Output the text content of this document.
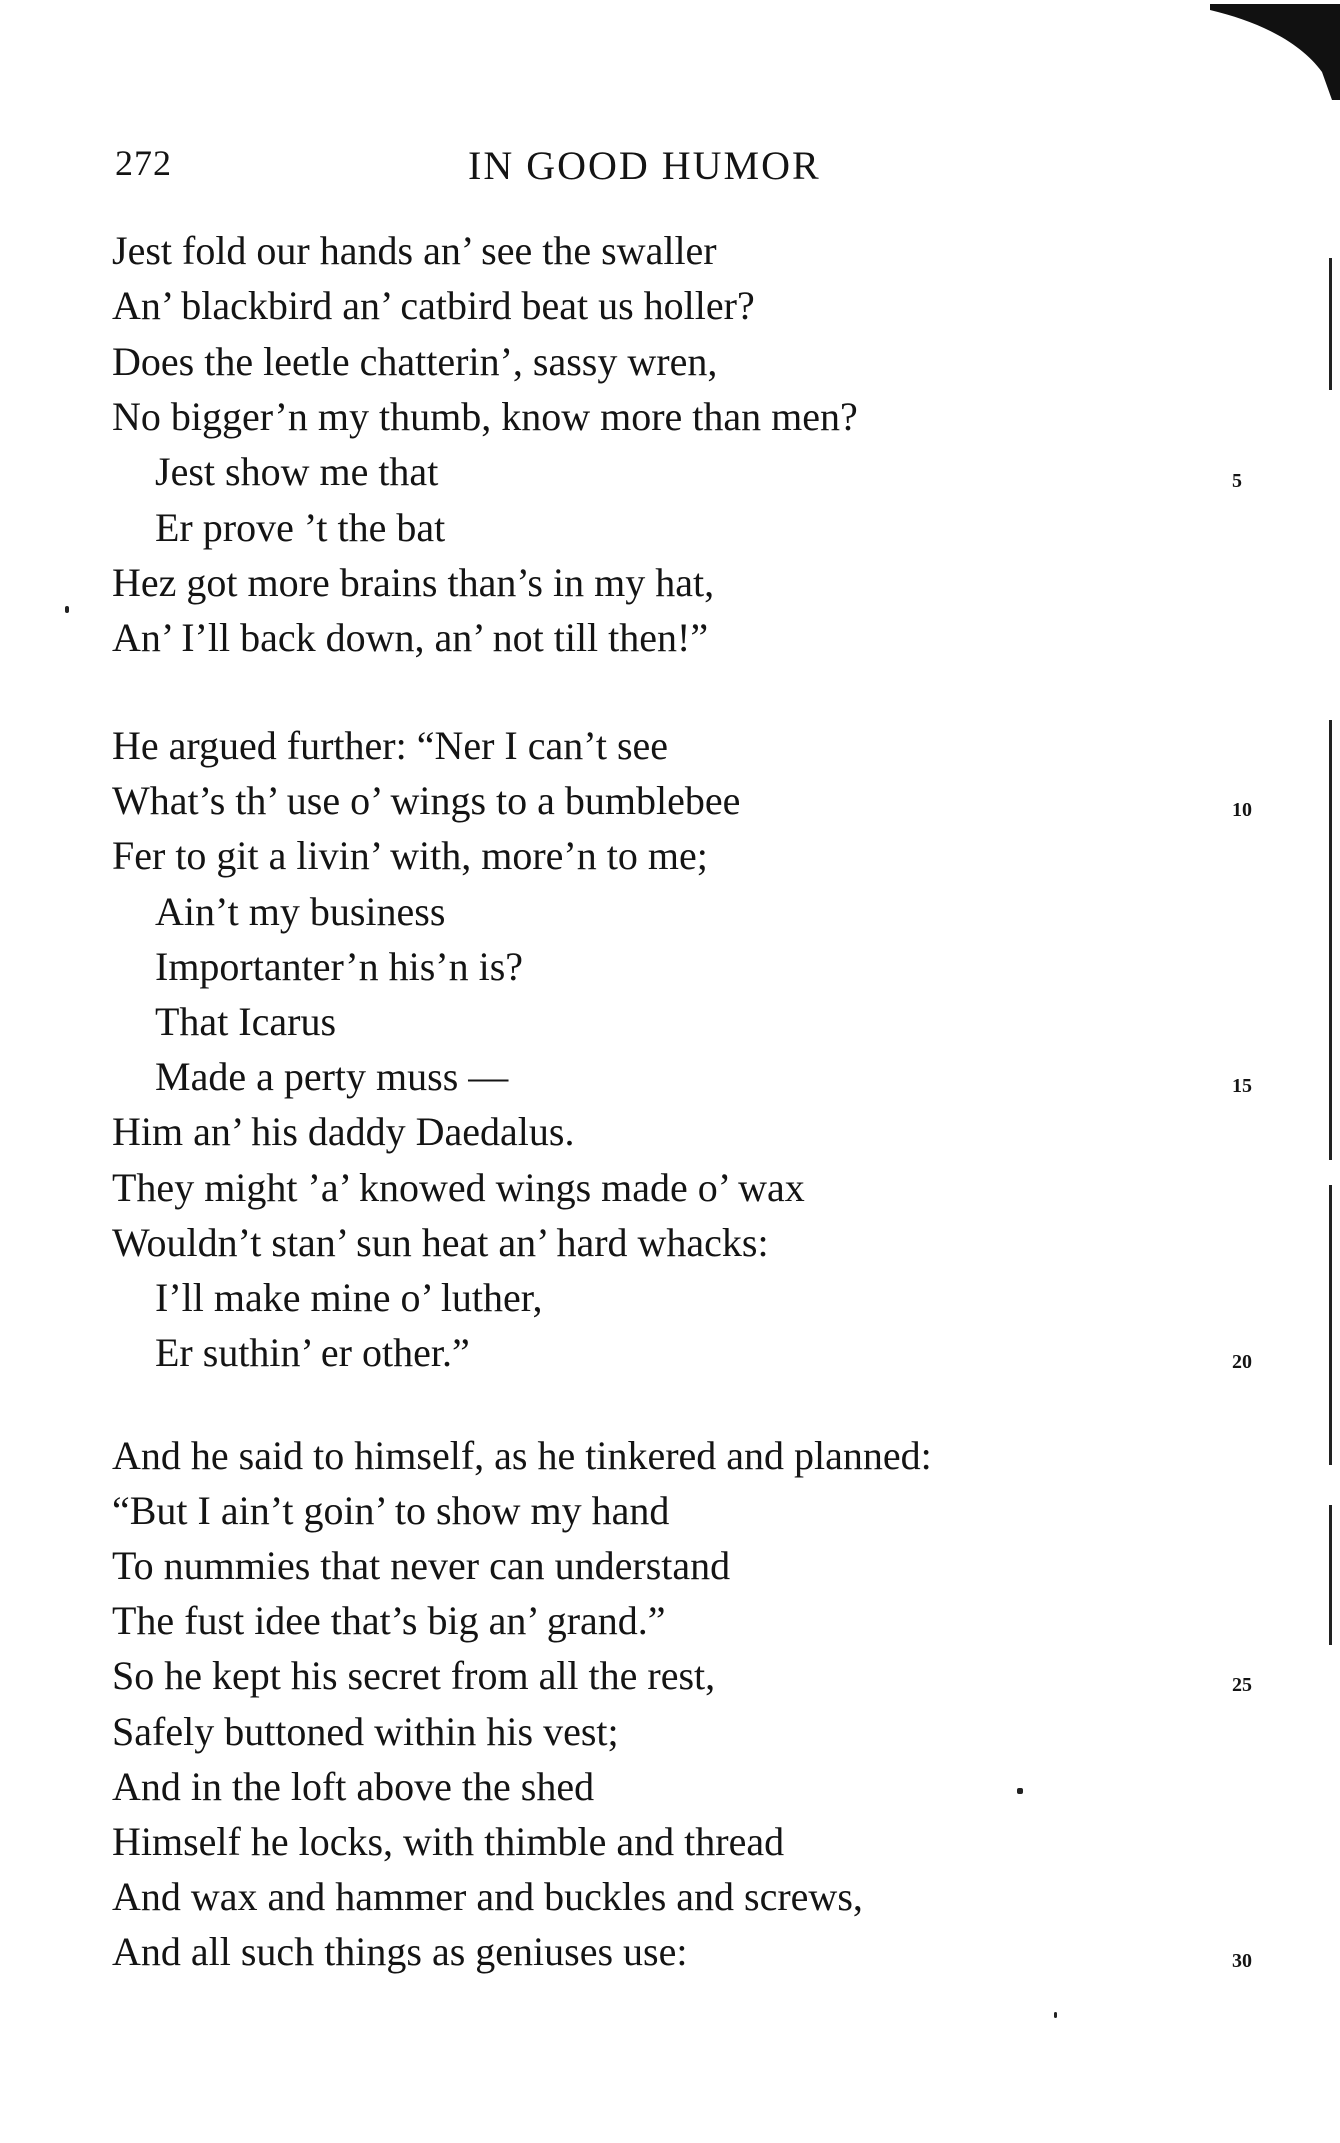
272	IN GOOD HUMOR
Jest fold our hands an’ see the swaller
An’ blackbird an’ catbird beat us holler?
Does the leetle chatterin’, sassy wren,
No bigger’n my thumb, know more than men?
Jest show me that
Er prove ’t the bat
Hez got more brains than’s in my hat,
An’ I’ll back down, an’ not till then!”
He argued further: “Ner I can’t see
What’s th’ use o’ wings to a bumblebee
Fer to git a livin’ with, more’n to me;
Ain’t my business
Importanter’n his’n is?
That Icarus
Made a perty muss —
Him an’ his daddy Daedalus.
They might ’a’ knowed wings made o’ wax
Wouldn’t stan’ sun heat an’ hard whacks:
I’ll make mine o’ luther,
Er suthin’ er other.”
And he said to himself, as he tinkered and planned:
“But I ain’t goin’ to show my hand
To nummies that never can understand
The fust idee that’s big an’ grand.”
So he kept his secret from all the rest,
Safely buttoned within his vest;
And in the loft above the shed
Himself he locks, with thimble and thread
And wax and hammer and buckles and screws,
And all such things as geniuses use:
5
10
15
20
25
30
